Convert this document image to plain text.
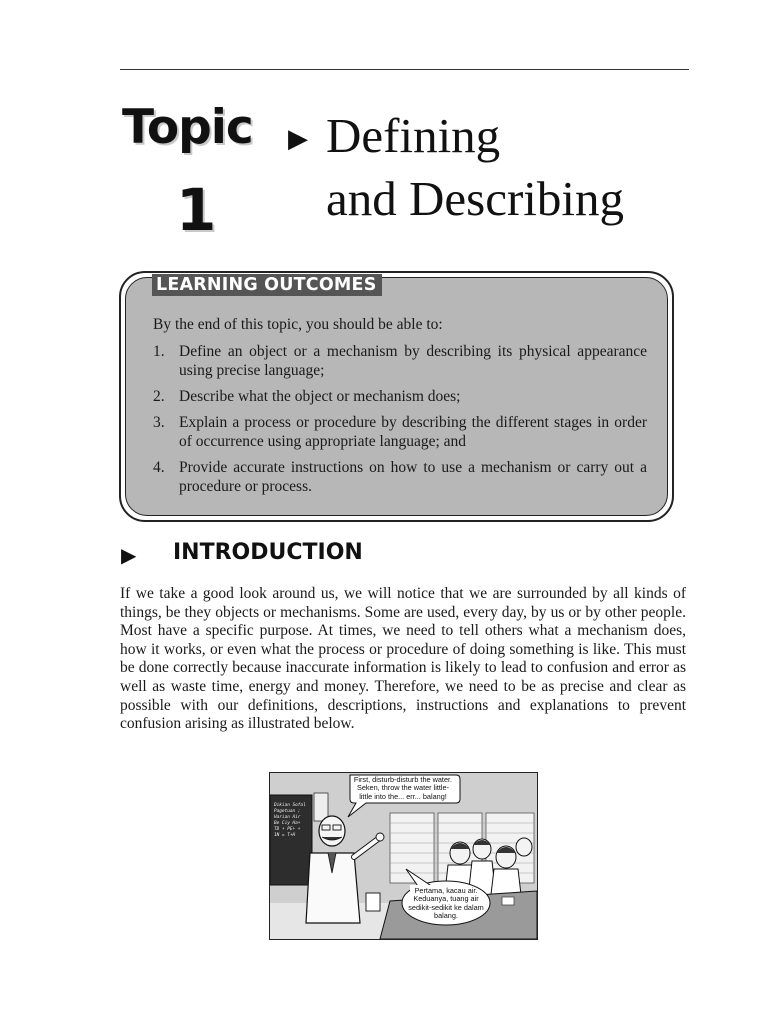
Topic
1
▶ Defining
and Describing
LEARNING OUTCOMES
By the end of this topic, you should be able to:
1. Define an object or a mechanism by describing its physical appearance using precise language;
2. Describe what the object or mechanism does;
3. Explain a process or procedure by describing the different stages in order of occurrence using appropriate language; and
4. Provide accurate instructions on how to use a mechanism or carry out a procedure or process.
▶ INTRODUCTION

If we take a good look around us, we will notice that we are surrounded by all kinds of things, be they objects or mechanisms. Some are used, every day, by us or by other people. Most have a specific purpose. At times, we need to tell others what a mechanism does, how it works, or even what the process or procedure of doing something is like. This must be done correctly because inaccurate information is likely to lead to confusion and error as well as waste time, energy and money. Therefore, we need to be as precise and clear as possible with our definitions, descriptions, instructions and explanations to prevent confusion arising as illustrated below.

First, disturb-disturb the water. Seken, throw the water little-little into the... err... balang!
Pertama, kacau air. Keduanya, tuang air sedikit-sedikit ke dalam balang.
Dikian Sofal Pagetuan ; Harian Air Be Ciy Ha+ TD + PE+ + 1N = T+H
